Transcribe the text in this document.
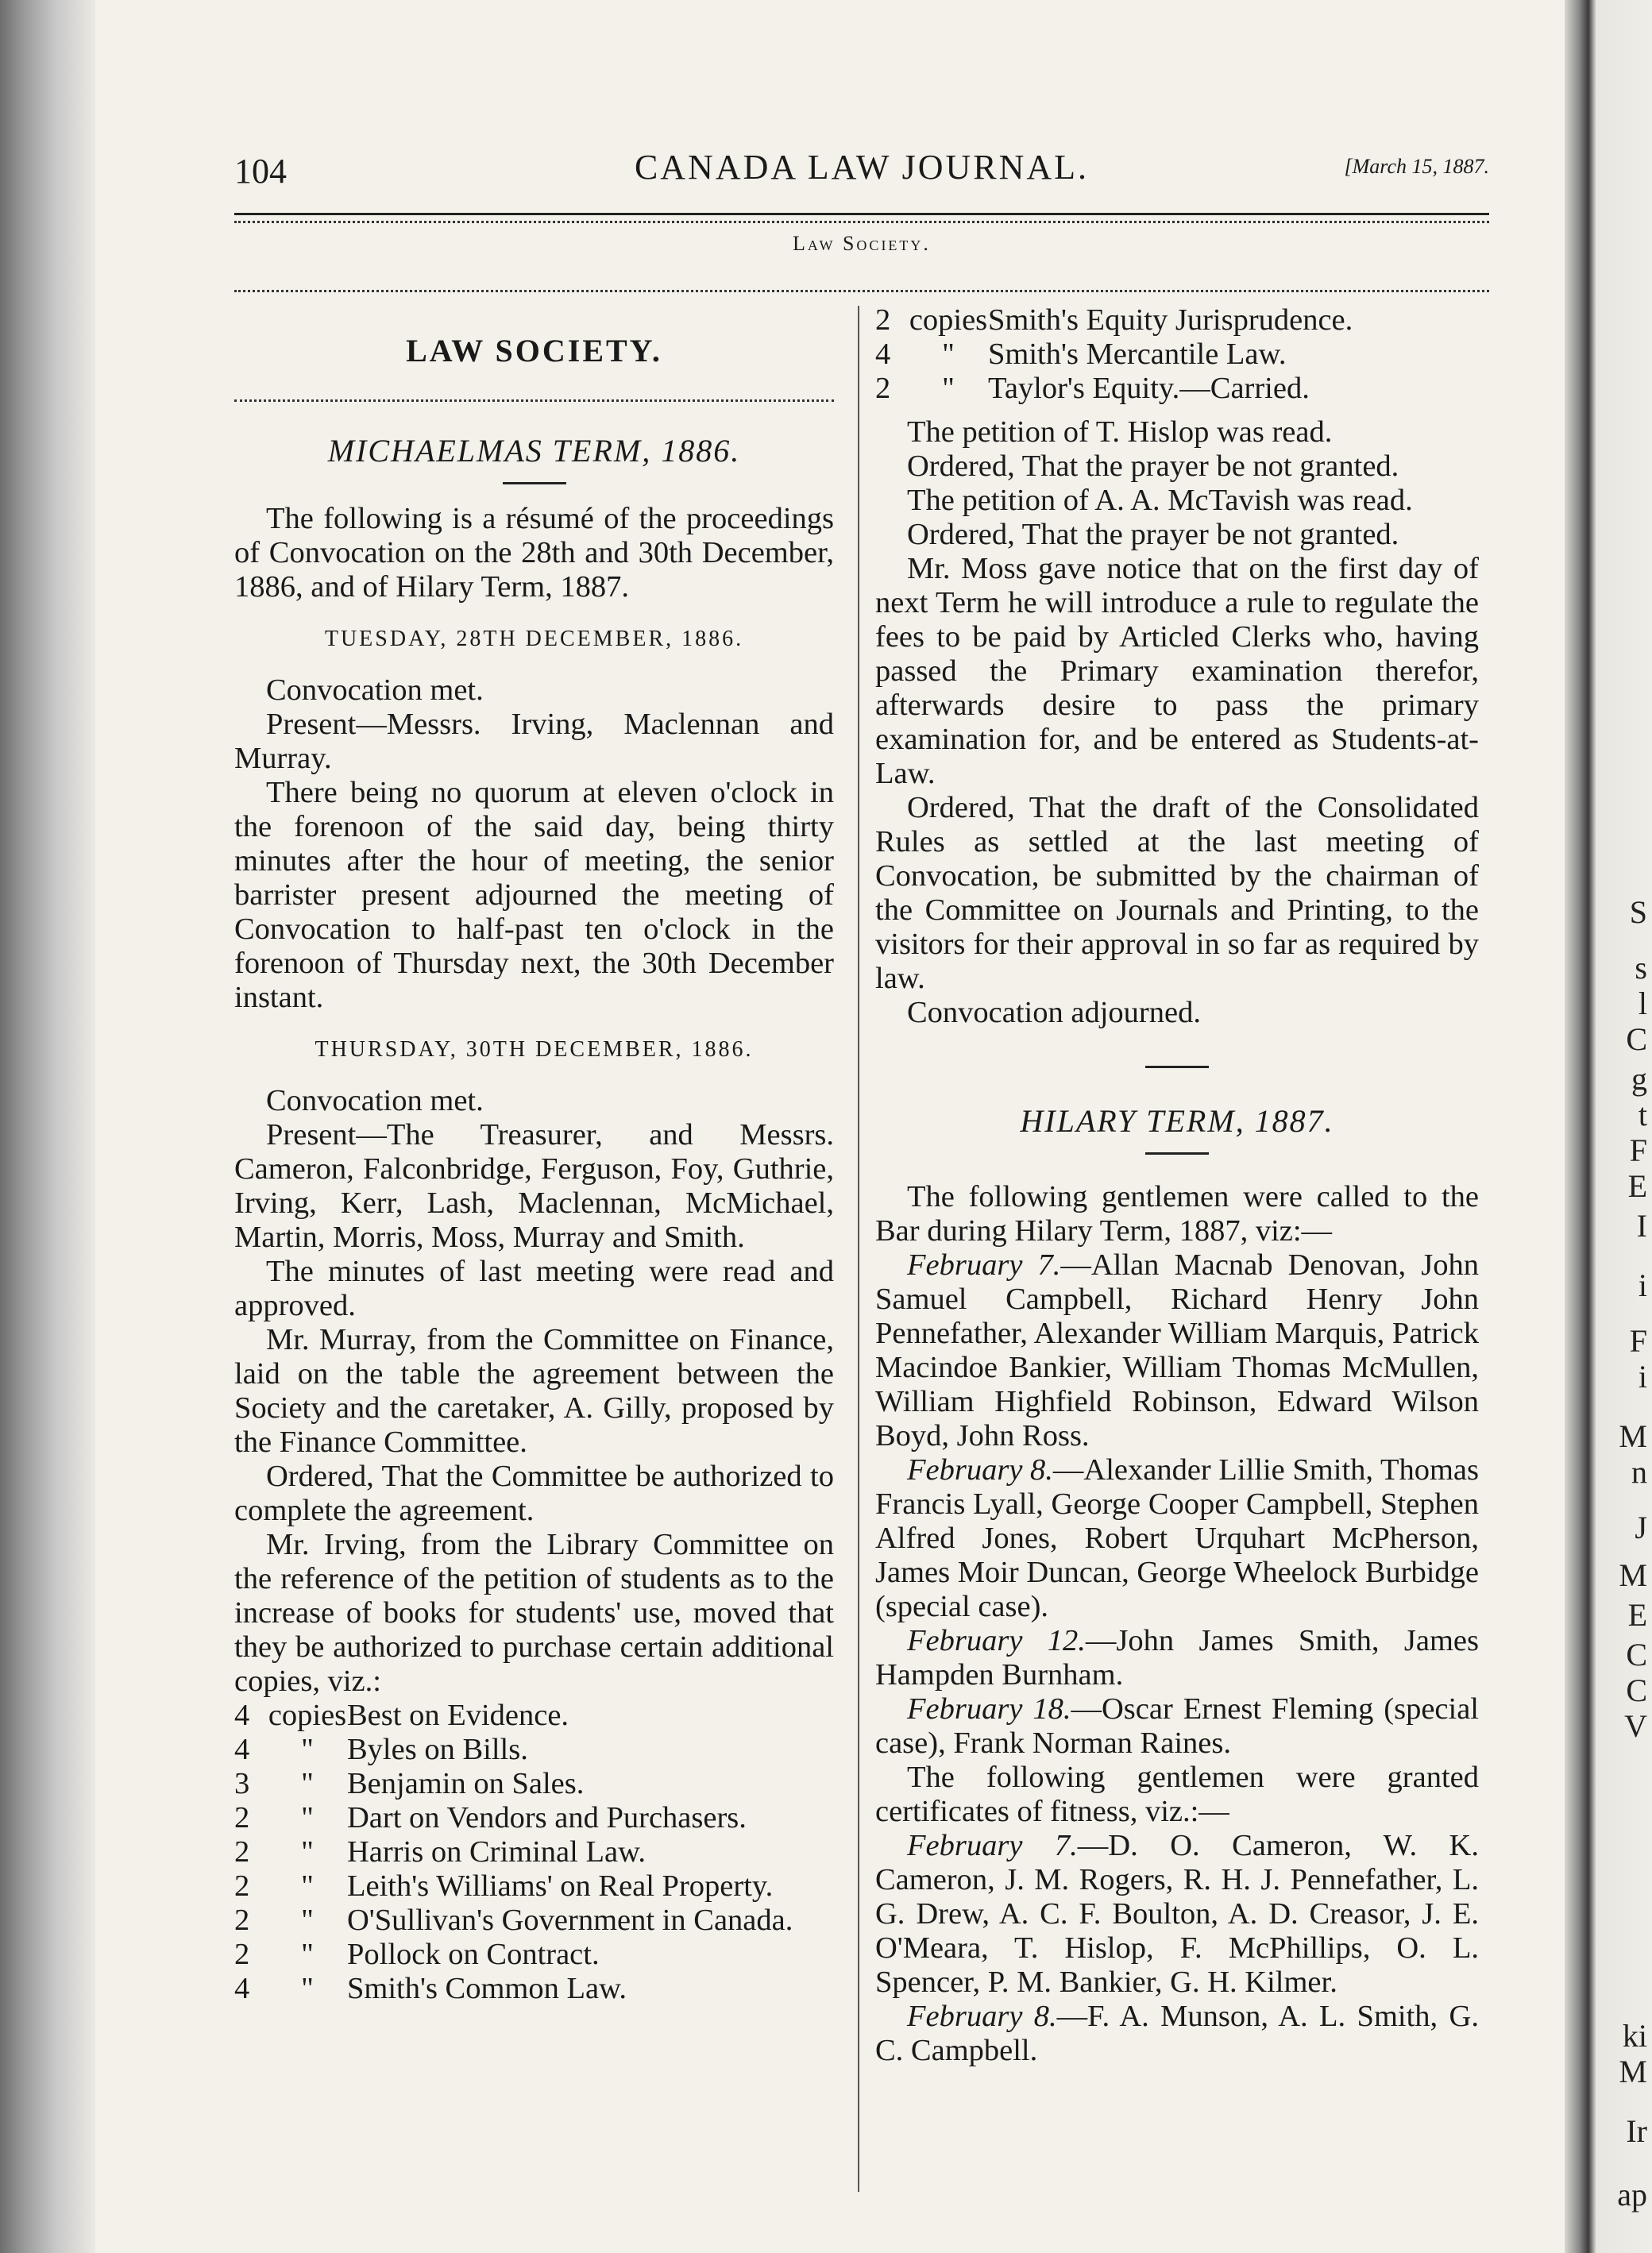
S
s
l
C
g
t
F
E
I
i
F
i
M
n
J
M
E
C
C
V
ki
M
Ir
ap
104	CANADA LAW JOURNAL.	[March 15, 1887.
Law Society.
LAW SOCIETY.
MICHAELMAS TERM, 1886.

The following is a résumé of the proceedings of Convocation on the 28th and 30th December, 1886, and of Hilary Term, 1887.

TUESDAY, 28TH DECEMBER, 1886.

Convocation met.

Present—Messrs. Irving, Maclennan and Murray.

There being no quorum at eleven o'clock in the forenoon of the said day, being thirty minutes after the hour of meeting, the senior barrister present adjourned the meeting of Convocation to half-past ten o'clock in the forenoon of Thursday next, the 30th December instant.

THURSDAY, 30TH DECEMBER, 1886.

Convocation met.

Present—The Treasurer, and Messrs. Cameron, Falconbridge, Ferguson, Foy, Guthrie, Irving, Kerr, Lash, Maclennan, McMichael, Martin, Morris, Moss, Murray and Smith.

The minutes of last meeting were read and approved.

Mr. Murray, from the Committee on Finance, laid on the table the agreement between the Society and the caretaker, A. Gilly, proposed by the Finance Committee.

Ordered, That the Committee be authorized to complete the agreement.

Mr. Irving, from the Library Committee on the reference of the petition of students as to the increase of books for students' use, moved that they be authorized to purchase certain additional copies, viz.:

4 copies Best on Evidence.
4	"	Byles on Bills.
3	"	Benjamin on Sales.
2	"	Dart on Vendors and Purchasers.
2	"	Harris on Criminal Law.
2	"	Leith's Williams' on Real Property.
2	"	O'Sullivan's Government in Canada.
2	"	Pollock on Contract.
4	"	Smith's Common Law.
2 copies Smith's Equity Jurisprudence.
4	"	Smith's Mercantile Law.
2	"	Taylor's Equity.—Carried.

The petition of T. Hislop was read.

Ordered, That the prayer be not granted.

The petition of A. A. McTavish was read.

Ordered, That the prayer be not granted.

Mr. Moss gave notice that on the first day of next Term he will introduce a rule to regulate the fees to be paid by Articled Clerks who, having passed the Primary examination therefor, afterwards desire to pass the primary examination for, and be entered as Students-at-Law.

Ordered, That the draft of the Consolidated Rules as settled at the last meeting of Convocation, be submitted by the chairman of the Committee on Journals and Printing, to the visitors for their approval in so far as required by law.

Convocation adjourned.

HILARY TERM, 1887.

The following gentlemen were called to the Bar during Hilary Term, 1887, viz:—

February 7.—Allan Macnab Denovan, John Samuel Campbell, Richard Henry John Pennefather, Alexander William Marquis, Patrick Macindoe Bankier, William Thomas McMullen, William Highfield Robinson, Edward Wilson Boyd, John Ross.

February 8.—Alexander Lillie Smith, Thomas Francis Lyall, George Cooper Campbell, Stephen Alfred Jones, Robert Urquhart McPherson, James Moir Duncan, George Wheelock Burbidge (special case).

February 12.—John James Smith, James Hampden Burnham.

February 18.—Oscar Ernest Fleming (special case), Frank Norman Raines.

The following gentlemen were granted certificates of fitness, viz.:—

February 7.—D. O. Cameron, W. K. Cameron, J. M. Rogers, R. H. J. Pennefather, L. G. Drew, A. C. F. Boulton, A. D. Creasor, J. E. O'Meara, T. Hislop, F. McPhillips, O. L. Spencer, P. M. Bankier, G. H. Kilmer.

February 8.—F. A. Munson, A. L. Smith, G. C. Campbell.
